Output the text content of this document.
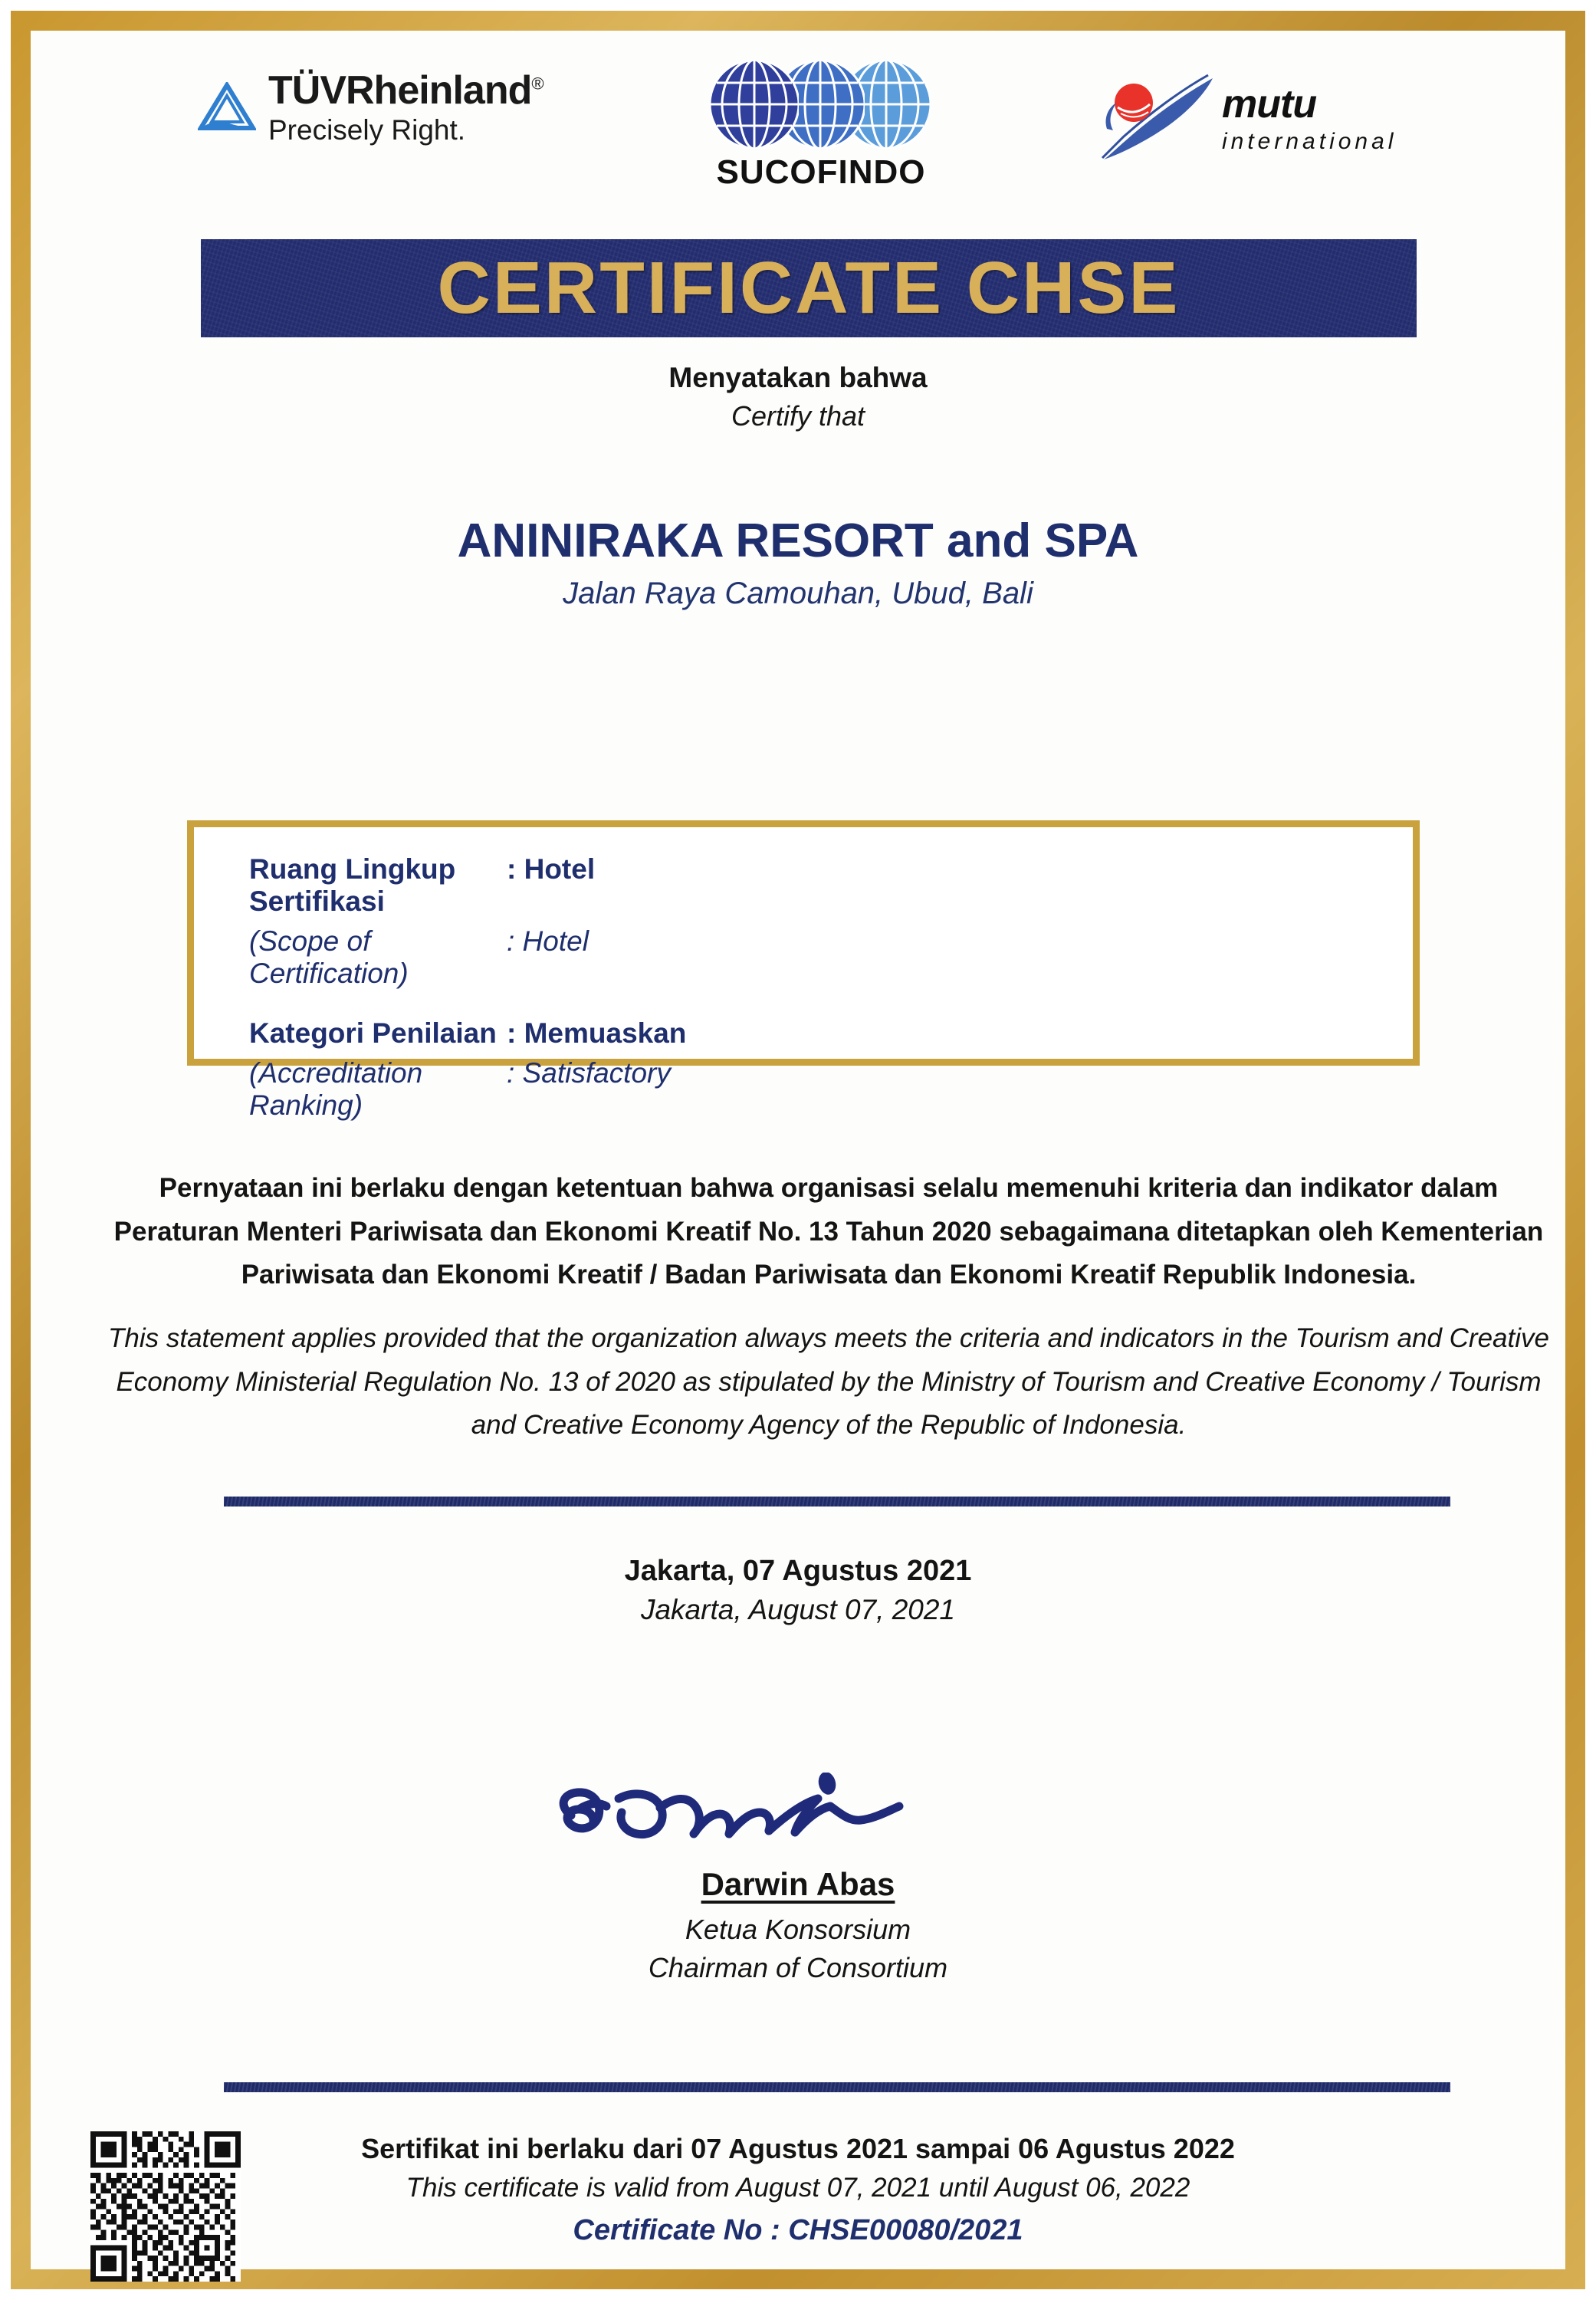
TÜVRheinland®
Precisely Right.
SUCOFINDO
mutu
international
CERTIFICATE CHSE
Menyatakan bahwa
Certify that
ANINIRAKA RESORT and SPA
Jalan Raya Camouhan, Ubud, Bali
Ruang Lingkup Sertifikasi
: Hotel
(Scope of Certification)
: Hotel
Kategori Penilaian : Memuaskan
(Accreditation Ranking)
: Satisfactory
Pernyataan ini berlaku dengan ketentuan bahwa organisasi selalu memenuhi kriteria dan indikator dalam Peraturan Menteri Pariwisata dan Ekonomi Kreatif No. 13 Tahun 2020 sebagaimana ditetapkan oleh Kementerian Pariwisata dan Ekonomi Kreatif / Badan Pariwisata dan Ekonomi Kreatif Republik Indonesia.
This statement applies provided that the organization always meets the criteria and indicators in the Tourism and Creative Economy Ministerial Regulation No. 13 of 2020 as stipulated by the Ministry of Tourism and Creative Economy / Tourism and Creative Economy Agency of the Republic of Indonesia.
Jakarta, 07 Agustus 2021
Jakarta, August 07, 2021
Darwin Abas
Ketua Konsorsium
Chairman of Consortium
Sertifikat ini berlaku dari 07 Agustus 2021 sampai 06 Agustus 2022
This certificate is valid from August 07, 2021 until August 06, 2022
Certificate No : CHSE00080/2021
